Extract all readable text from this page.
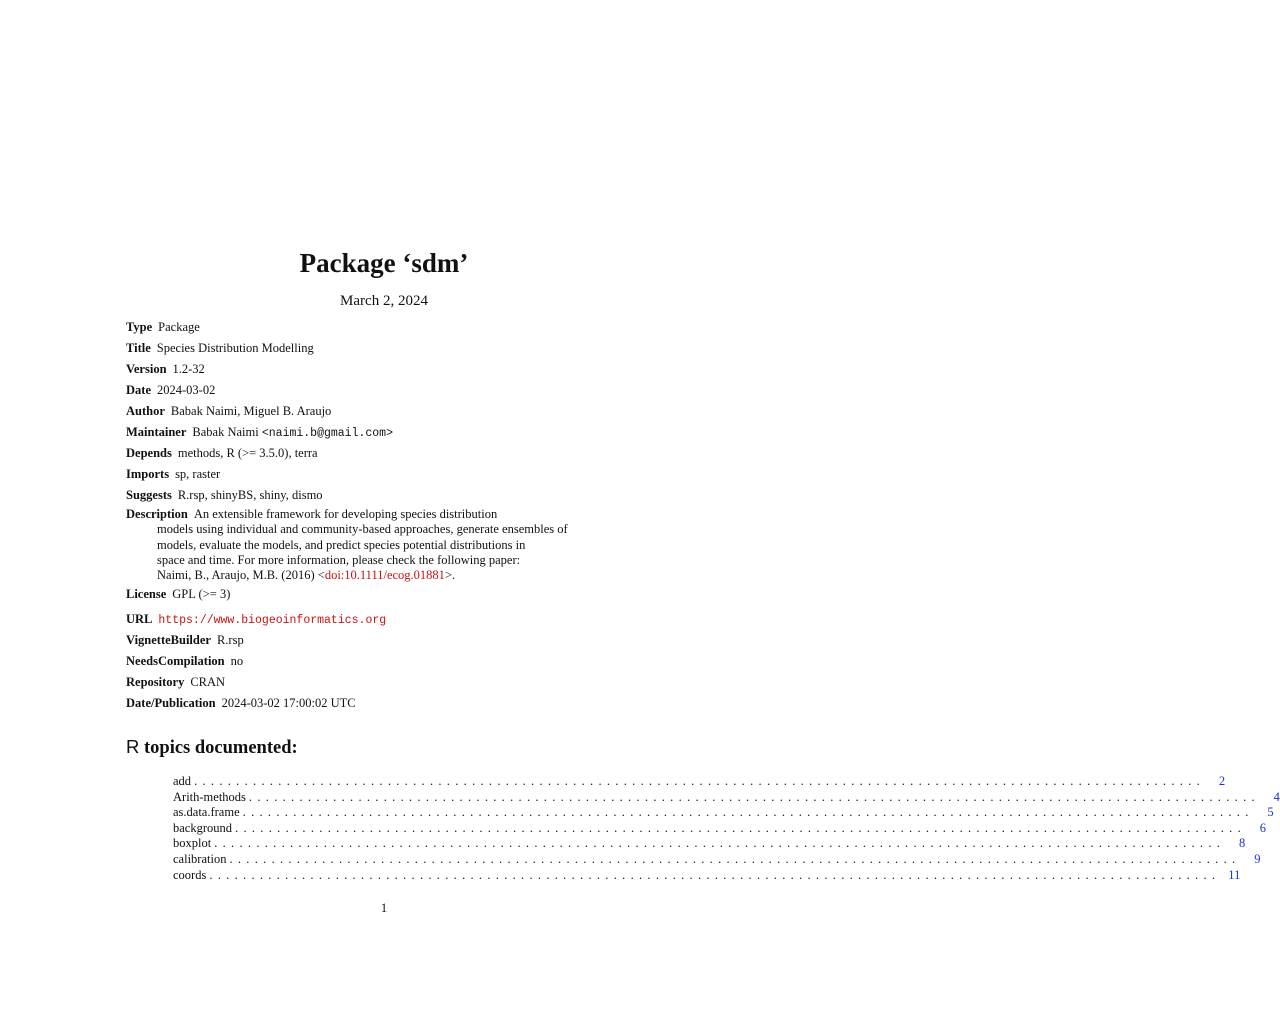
Package ‘sdm’
March 2, 2024
Type Package
Title Species Distribution Modelling
Version 1.2-32
Date 2024-03-02
Author Babak Naimi, Miguel B. Araujo
Maintainer Babak Naimi <naimi.b@gmail.com>
Depends methods, R (>= 3.5.0), terra
Imports sp, raster
Suggests R.rsp, shinyBS, shiny, dismo
Description An extensible framework for developing species distribution
models using individual and community-based approaches, generate ensembles of
models, evaluate the models, and predict species potential distributions in
space and time. For more information, please check the following paper:
Naimi, B., Araujo, M.B. (2016) <doi:10.1111/ecog.01881>.
License GPL (>= 3)
URL https://www.biogeoinformatics.org
VignetteBuilder R.rsp
NeedsCompilation no
Repository CRAN
Date/Publication 2024-03-02 17:00:02 UTC
R topics documented:
add ........................................................................................................................	2
Arith-methods ........................................................................................................................	4
as.data.frame ........................................................................................................................	5
background ........................................................................................................................	6
boxplot ........................................................................................................................	8
calibration ........................................................................................................................	9
coords ........................................................................................................................ 11
1
